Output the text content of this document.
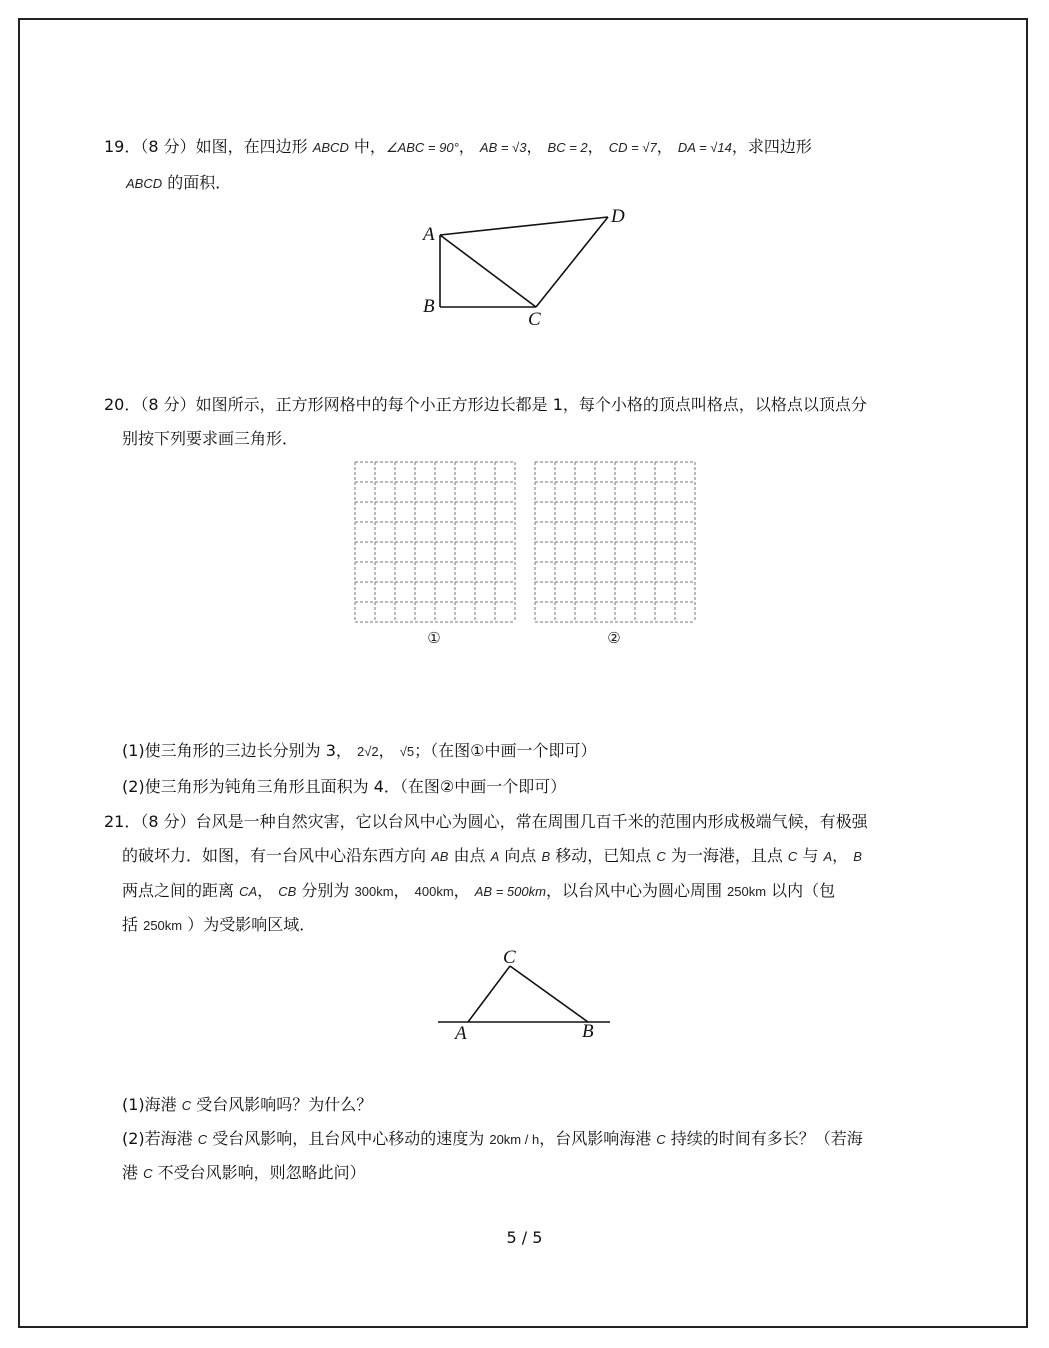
19．（8 分）如图，在四边形 ABCD 中，∠ABC = 90°， AB = √3， BC = 2， CD = √7， DA = √14，求四边形
ABCD 的面积．
A
B
C
D
20．（8 分）如图所示，正方形网格中的每个小正方形边长都是 1，每个小格的顶点叫格点，以格点以顶点分
别按下列要求画三角形．
①	②
(1)使三角形的三边长分别为 3， 2√2， √5；（在图①中画一个即可）
(2)使三角形为钝角三角形且面积为 4．（在图②中画一个即可）
21．（8 分）台风是一种自然灾害，它以台风中心为圆心，常在周围几百千米的范围内形成极端气候，有极强
的破坏力．如图，有一台风中心沿东西方向 AB 由点 A 向点 B 移动，已知点 C 为一海港，且点 C 与 A， B
两点之间的距离 CA， CB 分别为 300km， 400km， AB = 500km，以台风中心为圆心周围 250km 以内（包
括 250km ）为受影响区域．
C
A	B
(1)海港 C 受台风影响吗？为什么？
(2)若海港 C 受台风影响，且台风中心移动的速度为 20km / h，台风影响海港 C 持续的时间有多长？（若海
港 C 不受台风影响，则忽略此问）
5 / 5
